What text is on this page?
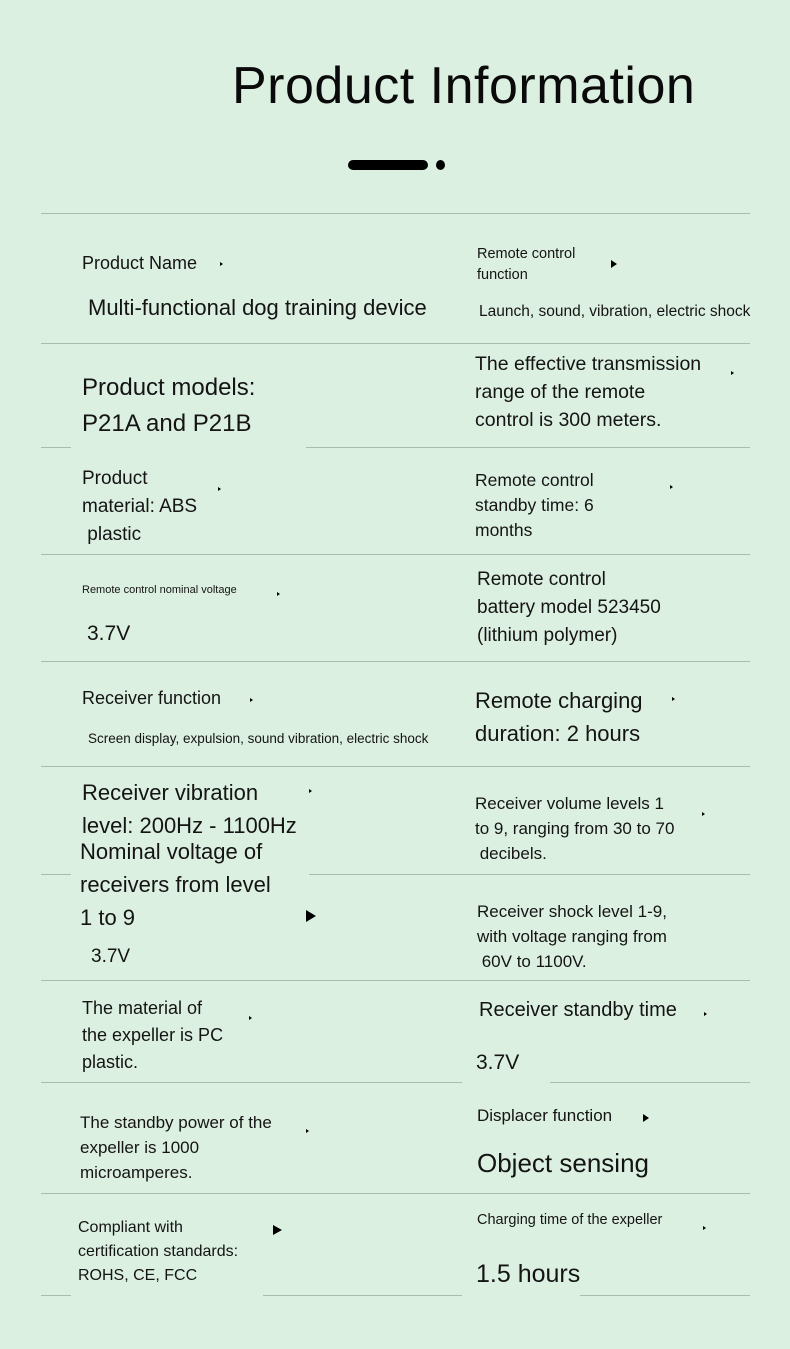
Product Information
Product Name
Multi-functional dog training device
Remote control
function
Launch, sound, vibration, electric shock
Product models:
P21A and P21B
The effective transmission
range of the remote
control is 300 meters.
Product
material: ABS
plastic
Remote control
standby time: 6
months
Remote control nominal voltage
3.7V
Remote control
battery model 523450
(lithium polymer)
Receiver function
Screen display, expulsion, sound vibration, electric shock
Remote charging
duration: 2 hours
Receiver vibration
level: 200Hz - 1100Hz
Receiver volume levels 1
to 9, ranging from 30 to 70
decibels.
Nominal voltage of
receivers from level
1 to 9
3.7V
Receiver shock level 1-9,
with voltage ranging from
60V to 1100V.
The material of
the expeller is PC
plastic.
Receiver standby time
3.7V
The standby power of the
expeller is 1000
microamperes.
Displacer function
Object sensing
Compliant with
certification standards:
ROHS, CE, FCC
Charging time of the expeller
1.5 hours
